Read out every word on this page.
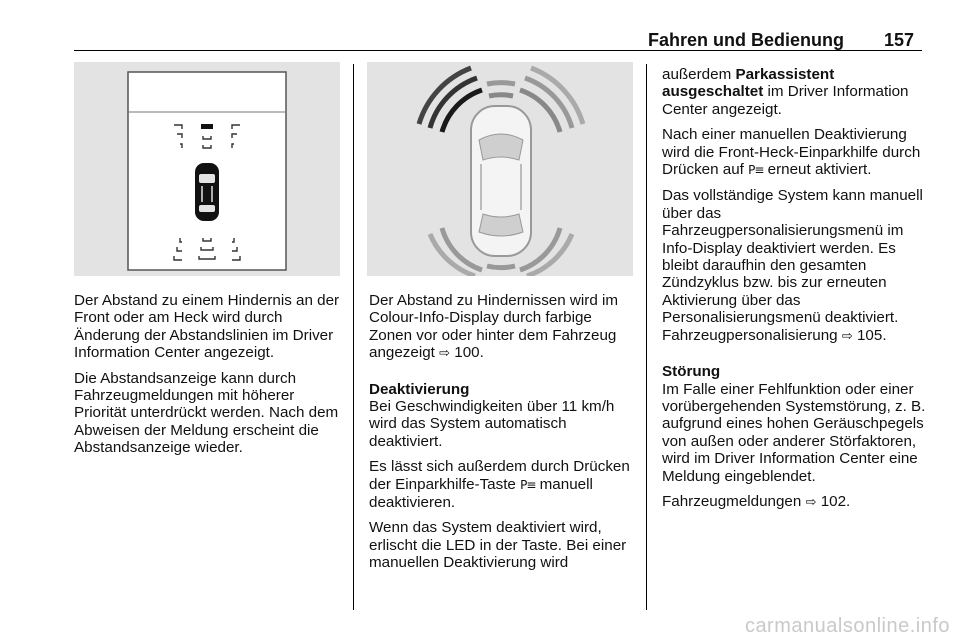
Fahren und Bedienung 157

Der Abstand zu einem Hindernis an der Front oder am Heck wird durch Änderung der Abstandslinien im Driver Information Center angezeigt.

Die Abstandsanzeige kann durch Fahrzeugmeldungen mit höherer Priorität unterdrückt werden. Nach dem Abweisen der Meldung erscheint die Abstandsanzeige wieder.

Der Abstand zu Hindernissen wird im Colour-Info-Display durch farbige Zonen vor oder hinter dem Fahrzeug angezeigt ⇨ 100.

Deaktivierung

Bei Geschwindigkeiten über 11 km/h wird das System automatisch deaktiviert.

Es lässt sich außerdem durch Drücken der Einparkhilfe-Taste P≡ manuell deaktivieren.

Wenn das System deaktiviert wird, erlischt die LED in der Taste. Bei einer manuellen Deaktivierung wird

außerdem Parkassistent ausgeschaltet im Driver Information Center angezeigt.

Nach einer manuellen Deaktivierung wird die Front-Heck-Einparkhilfe durch Drücken auf P≡ erneut aktiviert.

Das vollständige System kann manuell über das Fahrzeugpersonalisierungsmenü im Info-Display deaktiviert werden. Es bleibt daraufhin den gesamten Zündzyklus bzw. bis zur erneuten Aktivierung über das Personalisierungsmenü deaktiviert. Fahrzeugpersonalisierung ⇨ 105.

Störung

Im Falle einer Fehlfunktion oder einer vorübergehenden Systemstörung, z. B. aufgrund eines hohen Geräuschpegels von außen oder anderer Störfaktoren, wird im Driver Information Center eine Meldung eingeblendet.

Fahrzeugmeldungen ⇨ 102.

carmanualsonline.info
